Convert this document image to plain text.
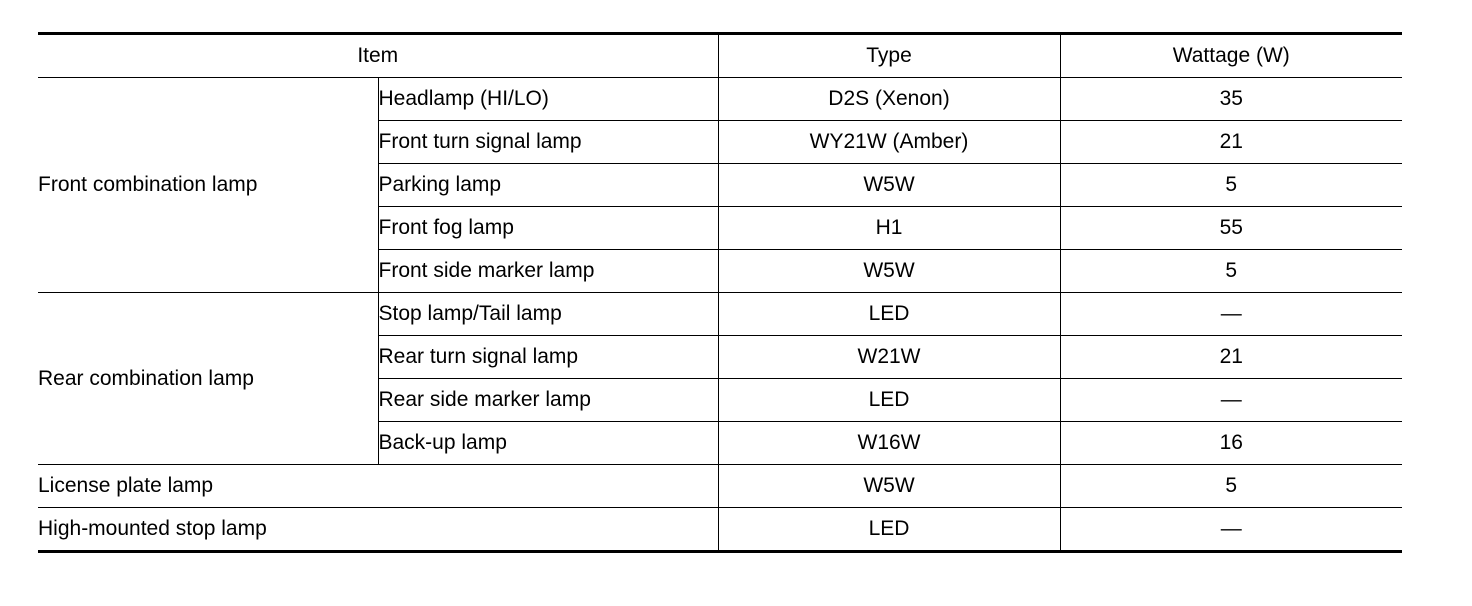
Item		Type	Wattage (W)
Front combination lamp	Headlamp (HI/LO)	D2S (Xenon)	35
	Front turn signal lamp	WY21W (Amber)	21
	Parking lamp	W5W	5
	Front fog lamp	H1	55
	Front side marker lamp	W5W	5
Rear combination lamp	Stop lamp/Tail lamp	LED	—
	Rear turn signal lamp	W21W	21
	Rear side marker lamp	LED	—
	Back-up lamp	W16W	16
License plate lamp		W5W	5
High-mounted stop lamp		LED	—
